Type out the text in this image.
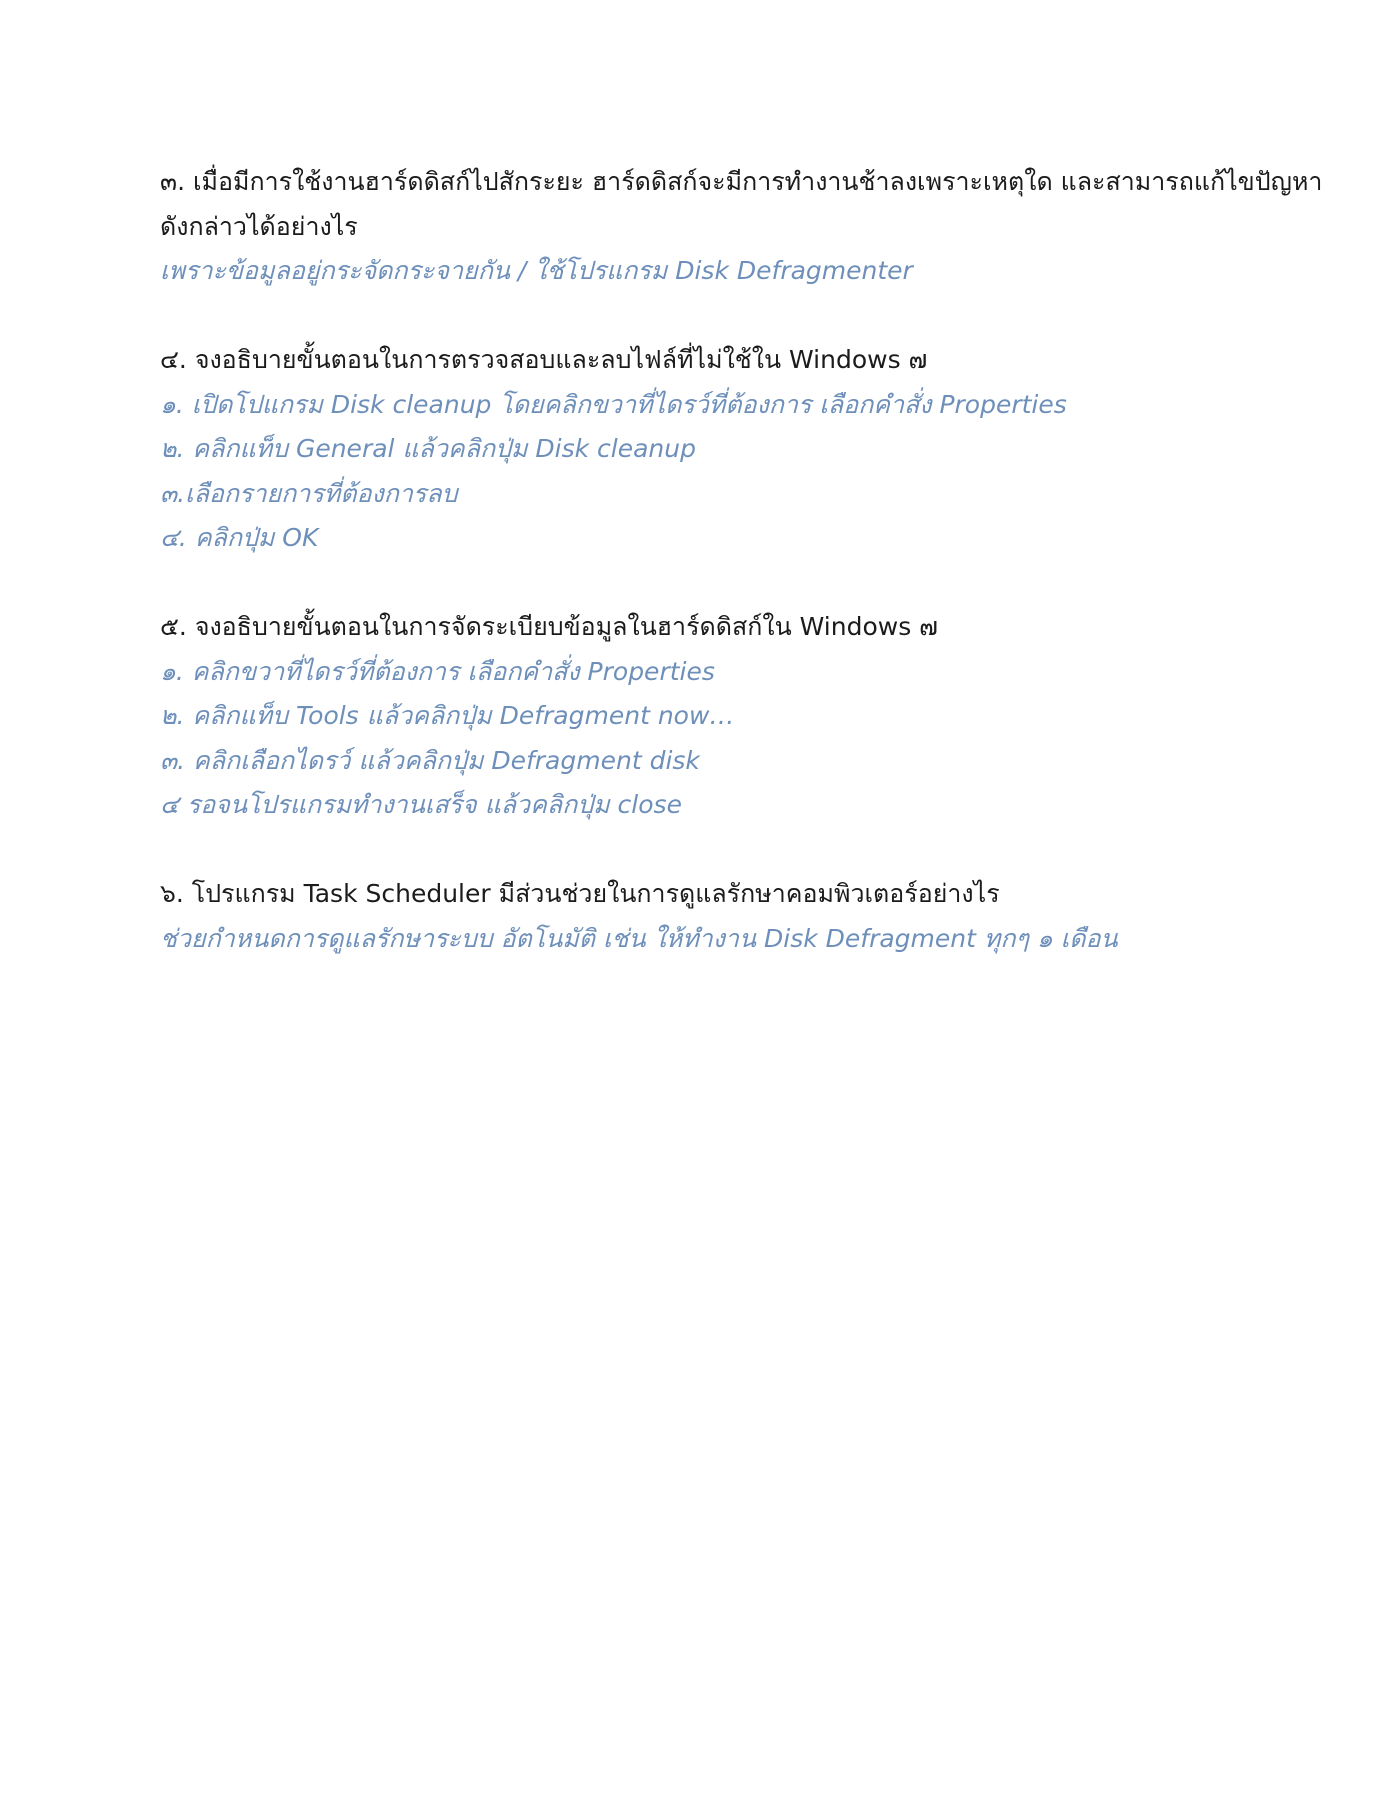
๓. เมื่อมีการใช้งานฮาร์ดดิสก์ไปสักระยะ ฮาร์ดดิสก์จะมีการทำงานช้าลงเพราะเหตุใด และสามารถแก้ไขปัญหา
ดังกล่าวได้อย่างไร
เพราะข้อมูลอยู่กระจัดกระจายกัน / ใช้โปรแกรม Disk Defragmenter
๔. จงอธิบายขั้นตอนในการตรวจสอบและลบไฟล์ที่ไม่ใช้ใน Windows ๗
๑. เปิดโปแกรม Disk cleanup โดยคลิกขวาที่ไดรว์ที่ต้องการ เลือกคำสั่ง Properties
๒. คลิกแท็บ General แล้วคลิกปุ่ม Disk cleanup
๓.เลือกรายการที่ต้องการลบ
๔. คลิกปุ่ม OK
๕. จงอธิบายขั้นตอนในการจัดระเบียบข้อมูลในฮาร์ดดิสก์ใน Windows ๗
๑. คลิกขวาที่ไดรว์ที่ต้องการ เลือกคำสั่ง Properties
๒. คลิกแท็บ Tools แล้วคลิกปุ่ม Defragment now…
๓. คลิกเลือกไดรว์ แล้วคลิกปุ่ม Defragment disk
๔ รอจนโปรแกรมทำงานเสร็จ แล้วคลิกปุ่ม close
๖. โปรแกรม Task Scheduler มีส่วนช่วยในการดูแลรักษาคอมพิวเตอร์อย่างไร
ช่วยกำหนดการดูแลรักษาระบบ อัตโนมัติ เช่น ให้ทำงาน Disk Defragment ทุกๆ ๑ เดือน
